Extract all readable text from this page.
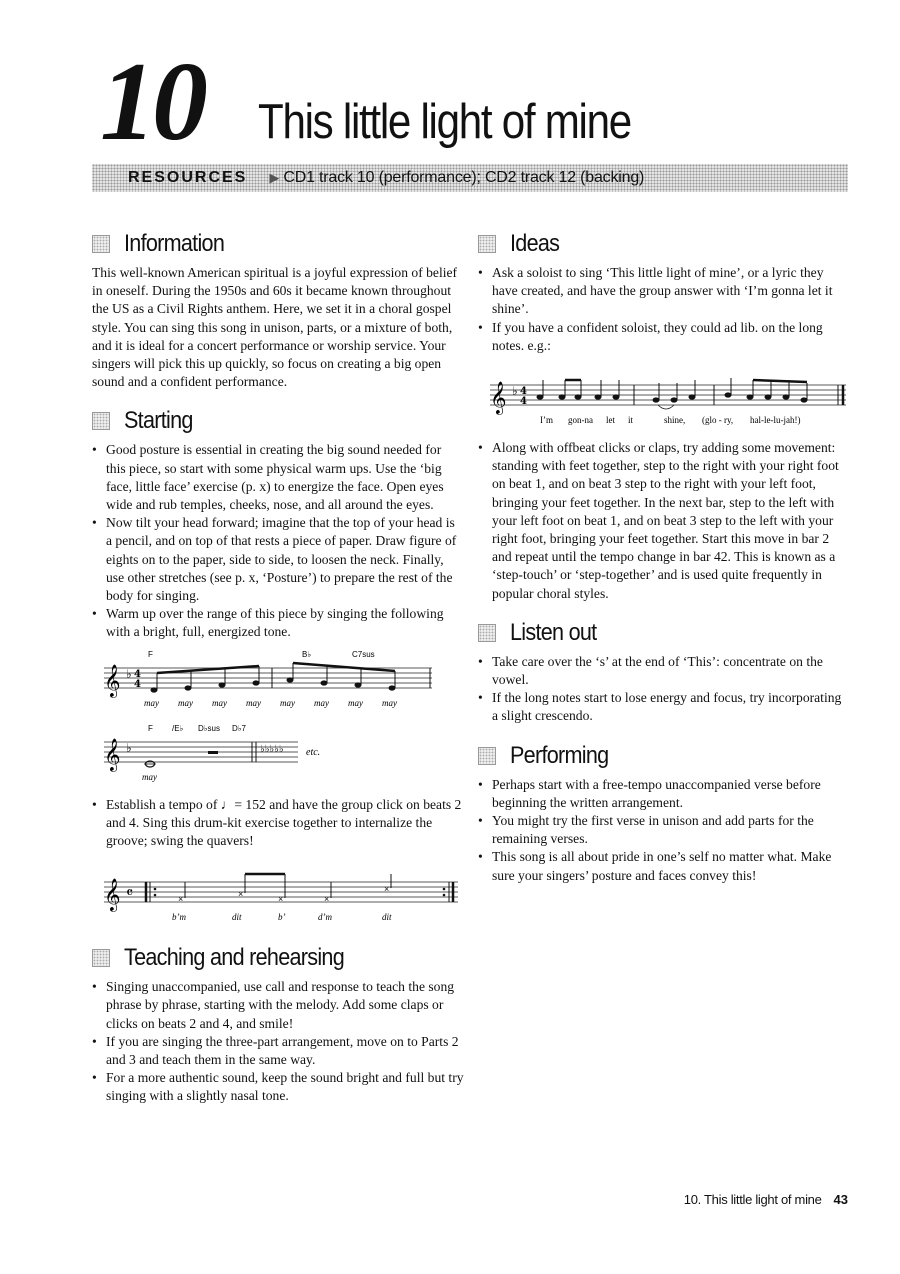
10 This little light of mine
RESOURCES ▶ CD1 track 10 (performance); CD2 track 12 (backing)
Information

This well-known American spiritual is a joyful expression of belief in oneself. During the 1950s and 60s it became known throughout the US as a Civil Rights anthem. Here, we set it in a choral gospel style. You can sing this song in unison, parts, or a mixture of both, and it is ideal for a concert performance or worship service. Your singers will pick this up quickly, so focus on creating a big open sound and a confident performance.

Starting
• Good posture is essential in creating the big sound needed for this piece, so start with some physical warm ups. Use the ‘big face, little face’ exercise (p. x) to energize the face. Open eyes wide and rub temples, cheeks, nose, and all around the eyes.
• Now tilt your head forward; imagine that the top of your head is a pencil, and on top of that rests a piece of paper. Draw figure of eights on to the paper, side to side, to loosen the neck. Finally, use other stretches (see p. x, ‘Posture’) to prepare the rest of the body for singing.
• Warm up over the range of this piece by singing the following with a bright, full, energized tone.
𝄞 ♭ 4
4
F	B♭	C7sus
may may may may may may may may
𝄞 ♭
F /E♭ D♭sus D♭7
♭♭♭♭♭ etc.
may
• Establish a tempo of ♩= 152 and have the group click on beats 2 and 4. Sing this drum-kit exercise together to internalize the groove; swing the quavers!
𝄞 𝄴	×	×	×	×
×
b’m	dit	b’	d’m	dit
Teaching and rehearsing
• Singing unaccompanied, use call and response to teach the song phrase by phrase, starting with the melody. Add some claps or clicks on beats 2 and 4, and smile!
• If you are singing the three-part arrangement, move on to Parts 2 and 3 and teach them in the same way.
• For a more authentic sound, keep the sound bright and full but try singing with a slightly nasal tone.
Ideas
• Ask a soloist to sing ‘This little light of mine’, or a lyric they have created, and have the group answer with ‘I’m gonna let it shine’.
• If you have a confident soloist, they could ad lib. on the long notes. e.g.:
𝄞 ♭ 4
4
I’m gon-na let it	shine, (glo - ry, hal-le-lu-jah!)
• Along with offbeat clicks or claps, try adding some movement: standing with feet together, step to the right with your right foot on beat 1, and on beat 3 step to the right with your left foot, bringing your feet together. In the next bar, step to the left with your left foot on beat 1, and on beat 3 step to the left with your right foot, bringing your feet together. Start this move in bar 2 and repeat until the tempo change in bar 42. This is known as a ‘step-touch’ or ‘step-together’ and is used quite frequently in popular choral styles.
Listen out
• Take care over the ‘s’ at the end of ‘This’: concentrate on the vowel.
• If the long notes start to lose energy and focus, try incorporating a slight crescendo.
Performing
• Perhaps start with a free-tempo unaccompanied verse before beginning the written arrangement.
• You might try the first verse in unison and add parts for the remaining verses.
• This song is all about pride in one’s self no matter what. Make sure your singers’ posture and faces convey this!
10. This little light of mine 43
